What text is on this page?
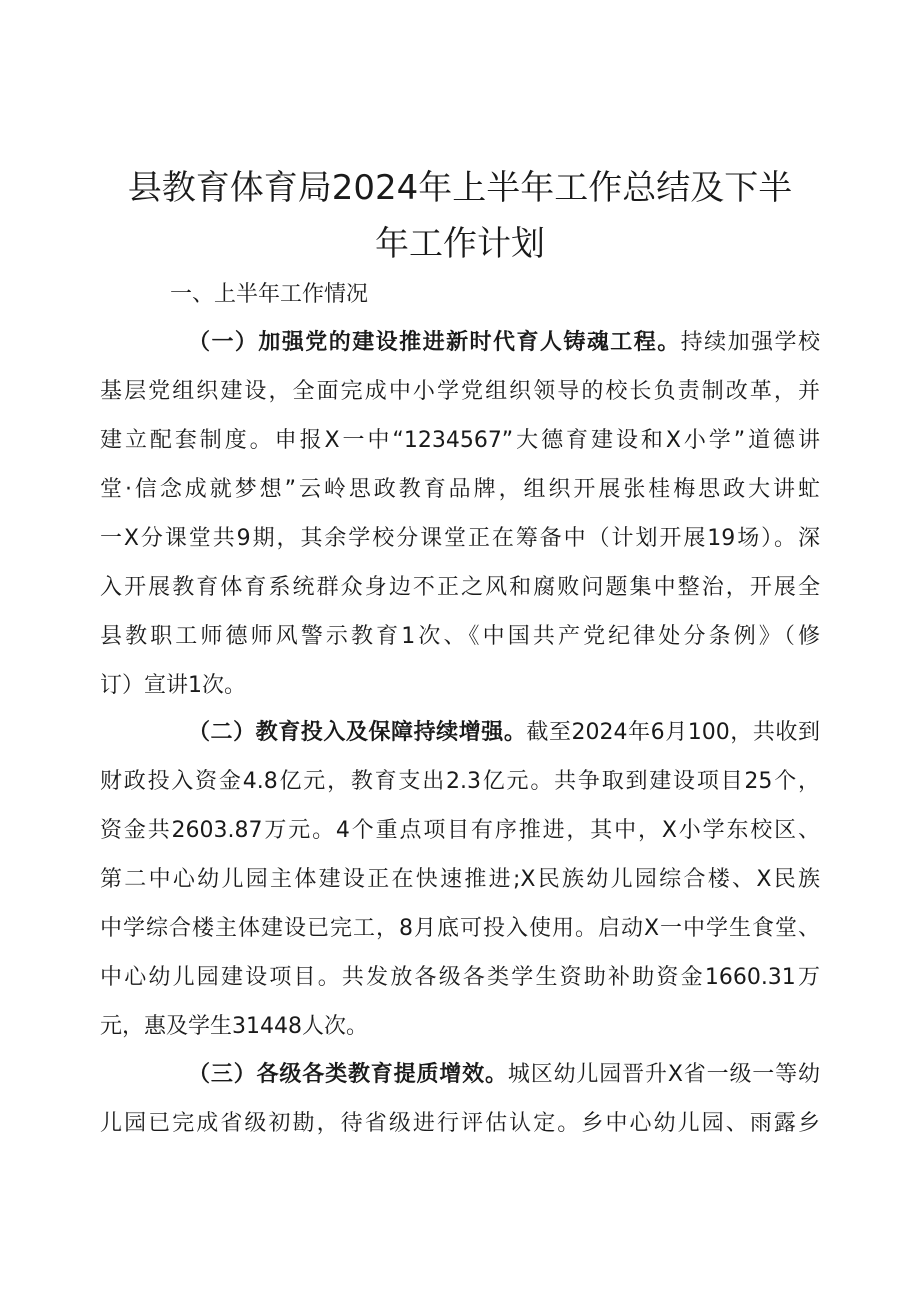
县教育体育局2024年上半年工作总结及下半
年工作计划

一、上半年工作情况

（一）加强党的建设推进新时代育人铸魂工程。持续加强学校
基层党组织建设，全面完成中小学党组织领导的校长负责制改革，并
建立配套制度。申报X一中“1234567”大德育建设和X小学”道德讲
堂·信念成就梦想”云岭思政教育品牌，组织开展张桂梅思政大讲虻
一X分课堂共9期，其余学校分课堂正在筹备中（计划开展19场）。深
入开展教育体育系统群众身边不正之风和腐败问题集中整治，开展全
县教职工师德师风警示教育1次、《中国共产党纪律处分条例》（修
订）宣讲1次。
（二）教育投入及保障持续增强。截至2024年6月100，共收到
财政投入资金4.8亿元，教育支出2.3亿元。共争取到建设项目25个，
资金共2603.87万元。4个重点项目有序推进，其中，X小学东校区、
第二中心幼儿园主体建设正在快速推进;X民族幼儿园综合楼、X民族
中学综合楼主体建设已完工，8月底可投入使用。启动X一中学生食堂、
中心幼儿园建设项目。共发放各级各类学生资助补助资金1660.31万
元，惠及学生31448人次。
（三）各级各类教育提质增效。城区幼儿园晋升X省一级一等幼
儿园已完成省级初勘，待省级进行评估认定。乡中心幼儿园、雨露乡
